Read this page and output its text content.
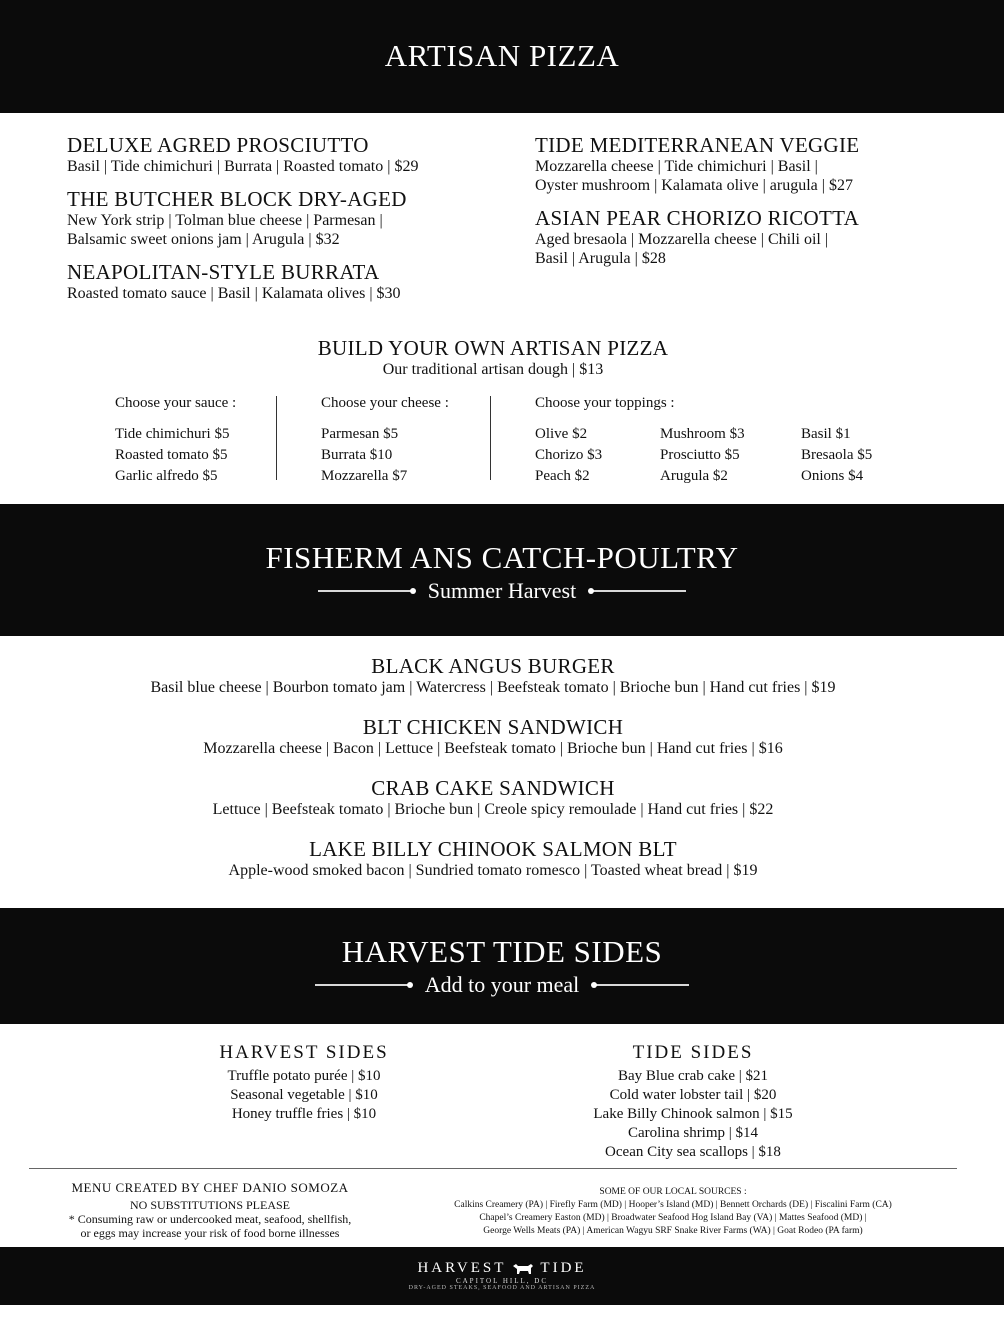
ARTISAN PIZZA
DELUXE AGRED PROSCIUTTO
Basil | Tide chimichuri | Burrata | Roasted tomato | $29
THE BUTCHER BLOCK DRY-AGED
New York strip | Tolman blue cheese | Parmesan |
Balsamic sweet onions jam | Arugula | $32
NEAPOLITAN-STYLE BURRATA
Roasted tomato sauce | Basil | Kalamata olives | $30
TIDE MEDITERRANEAN VEGGIE
Mozzarella cheese | Tide chimichuri | Basil |
Oyster mushroom | Kalamata olive | arugula | $27
ASIAN PEAR CHORIZO RICOTTA
Aged bresaola | Mozzarella cheese | Chili oil |
Basil | Arugula | $28
BUILD YOUR OWN ARTISAN PIZZA
Our traditional artisan dough | $13
Choose your sauce :
Tide chimichuri $5
Roasted tomato $5
Garlic alfredo $5
Choose your cheese :
Parmesan $5
Burrata $10
Mozzarella $7
Choose your toppings :
Olive $2
Chorizo $3
Peach $2
Mushroom $3
Prosciutto $5
Arugula $2
Basil $1
Bresaola $5
Onions $4
FISHERM ANS CATCH-POULTRY
Summer Harvest
BLACK ANGUS BURGER
Basil blue cheese | Bourbon tomato jam | Watercress | Beefsteak tomato | Brioche bun | Hand cut fries | $19
BLT CHICKEN SANDWICH
Mozzarella cheese | Bacon | Lettuce | Beefsteak tomato | Brioche bun | Hand cut fries | $16
CRAB CAKE SANDWICH
Lettuce | Beefsteak tomato | Brioche bun | Creole spicy remoulade | Hand cut fries | $22
LAKE BILLY CHINOOK SALMON BLT
Apple-wood smoked bacon | Sundried tomato romesco | Toasted wheat bread | $19
HARVEST TIDE SIDES
Add to your meal
HARVEST SIDES
Truffle potato purée | $10
Seasonal vegetable | $10
Honey truffle fries | $10
TIDE SIDES
Bay Blue crab cake | $21
Cold water lobster tail | $20
Lake Billy Chinook salmon | $15
Carolina shrimp | $14
Ocean City sea scallops | $18
MENU CREATED BY CHEF DANIO SOMOZA
NO SUBSTITUTIONS PLEASE
* Consuming raw or undercooked meat, seafood, shellfish,
or eggs may increase your risk of food borne illnesses
SOME OF OUR LOCAL SOURCES :
Calkins Creamery (PA) | Firefly Farm (MD) | Hooper’s Island (MD) | Bennett Orchards (DE) | Fiscalini Farm (CA)
Chapel’s Creamery Easton (MD) | Broadwater Seafood Hog Island Bay (VA) | Mattes Seafood (MD) |
George Wells Meats (PA) | American Wagyu SRF Snake River Farms (WA) | Goat Rodeo (PA farm)
HARVEST TIDE
CAPITOL HILL, DC
DRY-AGED STEAKS, SEAFOOD AND ARTISAN PIZZA
